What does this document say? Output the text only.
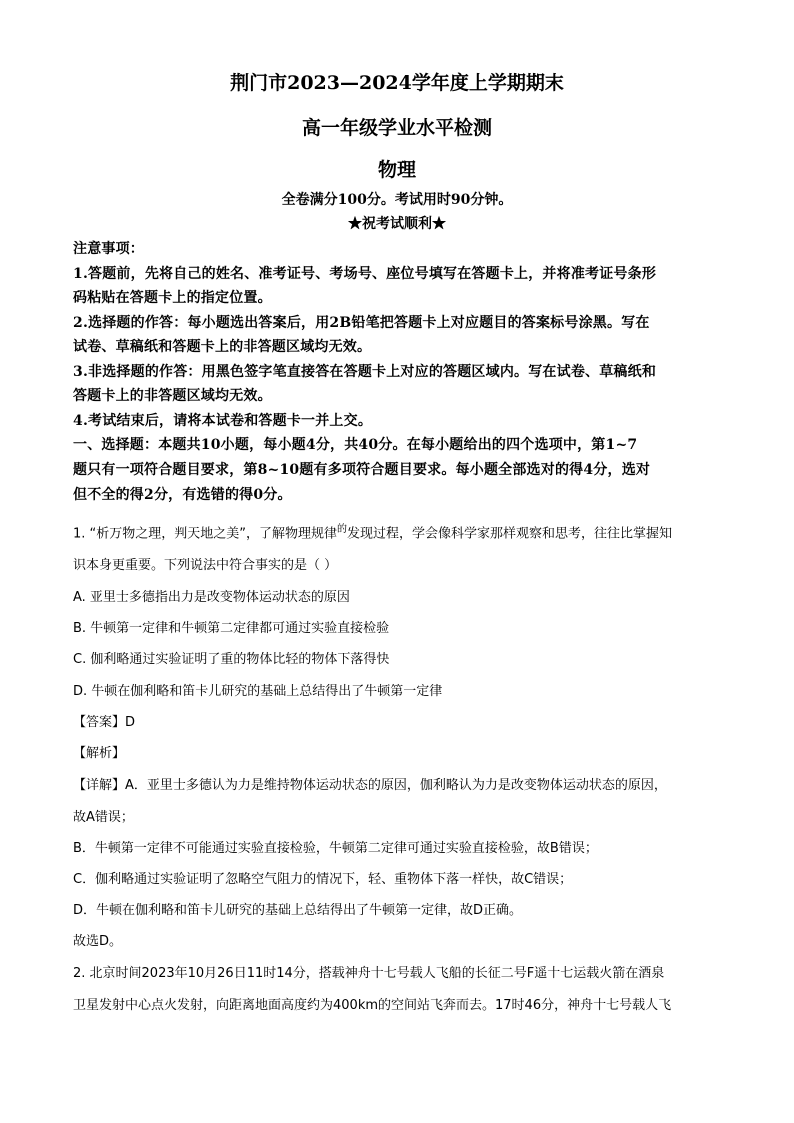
荆门市2023—2024学年度上学期期末
高一年级学业水平检测
物理
全卷满分100分。考试用时90分钟。
★祝考试顺利★
注意事项：
1.答题前，先将自己的姓名、准考证号、考场号、座位号填写在答题卡上，并将准考证号条形
码粘贴在答题卡上的指定位置。
2.选择题的作答：每小题选出答案后，用2B铅笔把答题卡上对应题目的答案标号涂黑。写在
试卷、草稿纸和答题卡上的非答题区域均无效。
3.非选择题的作答：用黑色签字笔直接答在答题卡上对应的答题区域内。写在试卷、草稿纸和
答题卡上的非答题区域均无效。
4.考试结束后，请将本试卷和答题卡一并上交。
一、选择题：本题共10小题，每小题4分，共40分。在每小题给出的四个选项中，第1~7
题只有一项符合题目要求，第8~10题有多项符合题目要求。每小题全部选对的得4分，选对
但不全的得2分，有选错的得0分。
1. “析万物之理，判天地之美”，了解物理规律$^的$发现过程，学会像科学家那样观察和思考，往往比掌握知
识本身更重要。下列说法中符合事实的是（ ）
A. 亚里士多德指出力是改变物体运动状态的原因
B. 牛顿第一定律和牛顿第二定律都可通过实验直接检验
C. 伽利略通过实验证明了重的物体比轻的物体下落得快
D. 牛顿在伽利略和笛卡儿研究的基础上总结得出了牛顿第一定律
【答案】D
【解析】
【详解】A．亚里士多德认为力是维持物体运动状态的原因，伽利略认为力是改变物体运动状态的原因，
故A错误；
B．牛顿第一定律不可能通过实验直接检验，牛顿第二定律可通过实验直接检验，故B错误；
C．伽利略通过实验证明了忽略空气阻力的情况下，轻、重物体下落一样快，故C错误；
D．牛顿在伽利略和笛卡儿研究的基础上总结得出了牛顿第一定律，故D正确。
故选D。
2. 北京时间2023年10月26日11时14分，搭载神舟十七号载人飞船的长征二号F遥十七运载火箭在酒泉
卫星发射中心点火发射，向距离地面高度约为400km的空间站飞奔而去。17时46分，神舟十七号载人飞
